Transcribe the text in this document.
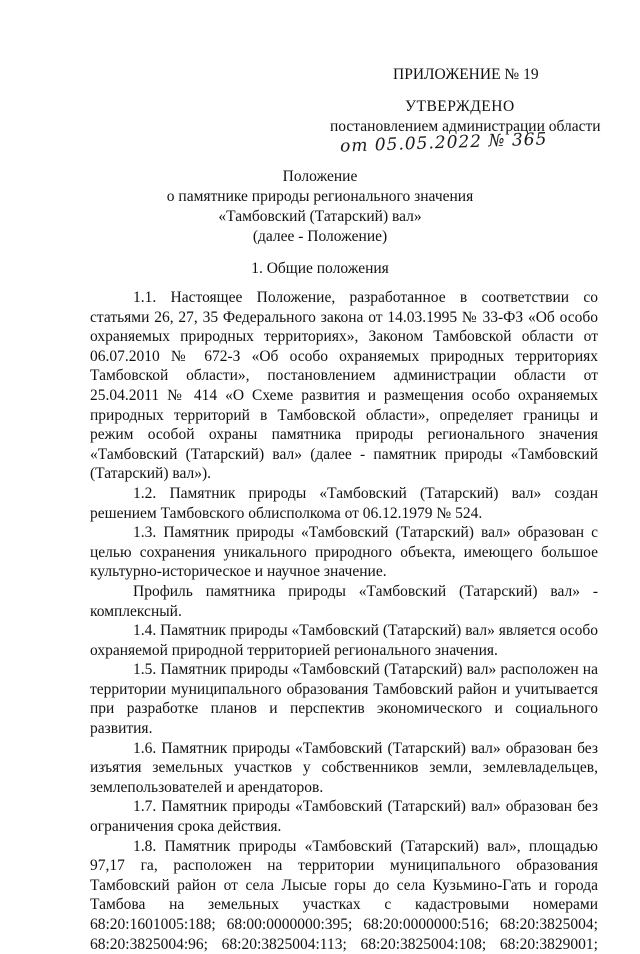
ПРИЛОЖЕНИЕ № 19
УТВЕРЖДЕНО
постановлением администрации области
от 05.05.2022 № 365
Положение
о памятнике природы регионального значения
«Тамбовский (Татарский) вал»
(далее - Положение)
1. Общие положения

1.1. Настоящее Положение, разработанное в соответствии со статьями 26, 27, 35 Федерального закона от 14.03.1995 № 33-ФЗ «Об особо охраняемых природных территориях», Законом Тамбовской области от 06.07.2010 № 672-З «Об особо охраняемых природных территориях Тамбовской области», постановлением администрации области от 25.04.2011 № 414 «О Схеме развития и размещения особо охраняемых природных территорий в Тамбовской области», определяет границы и режим особой охраны памятника природы регионального значения «Тамбовский (Татарский) вал» (далее - памятник природы «Тамбовский (Татарский) вал»).

1.2. Памятник природы «Тамбовский (Татарский) вал» создан решением Тамбовского облисполкома от 06.12.1979 № 524.

1.3. Памятник природы «Тамбовский (Татарский) вал» образован с целью сохранения уникального природного объекта, имеющего большое культурно-историческое и научное значение.

Профиль памятника природы «Тамбовский (Татарский) вал» - комплексный.

1.4. Памятник природы «Тамбовский (Татарский) вал» является особо охраняемой природной территорией регионального значения.

1.5. Памятник природы «Тамбовский (Татарский) вал» расположен на территории муниципального образования Тамбовский район и учитывается при разработке планов и перспектив экономического и социального развития.

1.6. Памятник природы «Тамбовский (Татарский) вал» образован без изъятия земельных участков у собственников земли, землевладельцев, землепользователей и арендаторов.

1.7. Памятник природы «Тамбовский (Татарский) вал» образован без ограничения срока действия.

1.8. Памятник природы «Тамбовский (Татарский) вал», площадью 97,17 га, расположен на территории муниципального образования Тамбовский район от села Лысые горы до села Кузьмино-Гать и города Тамбова на земельных участках с кадастровыми номерами 68:20:1601005:188; 68:00:0000000:395; 68:20:0000000:516; 68:20:3825004; 68:20:3825004:96; 68:20:3825004:113; 68:20:3825004:108; 68:20:3829001;
